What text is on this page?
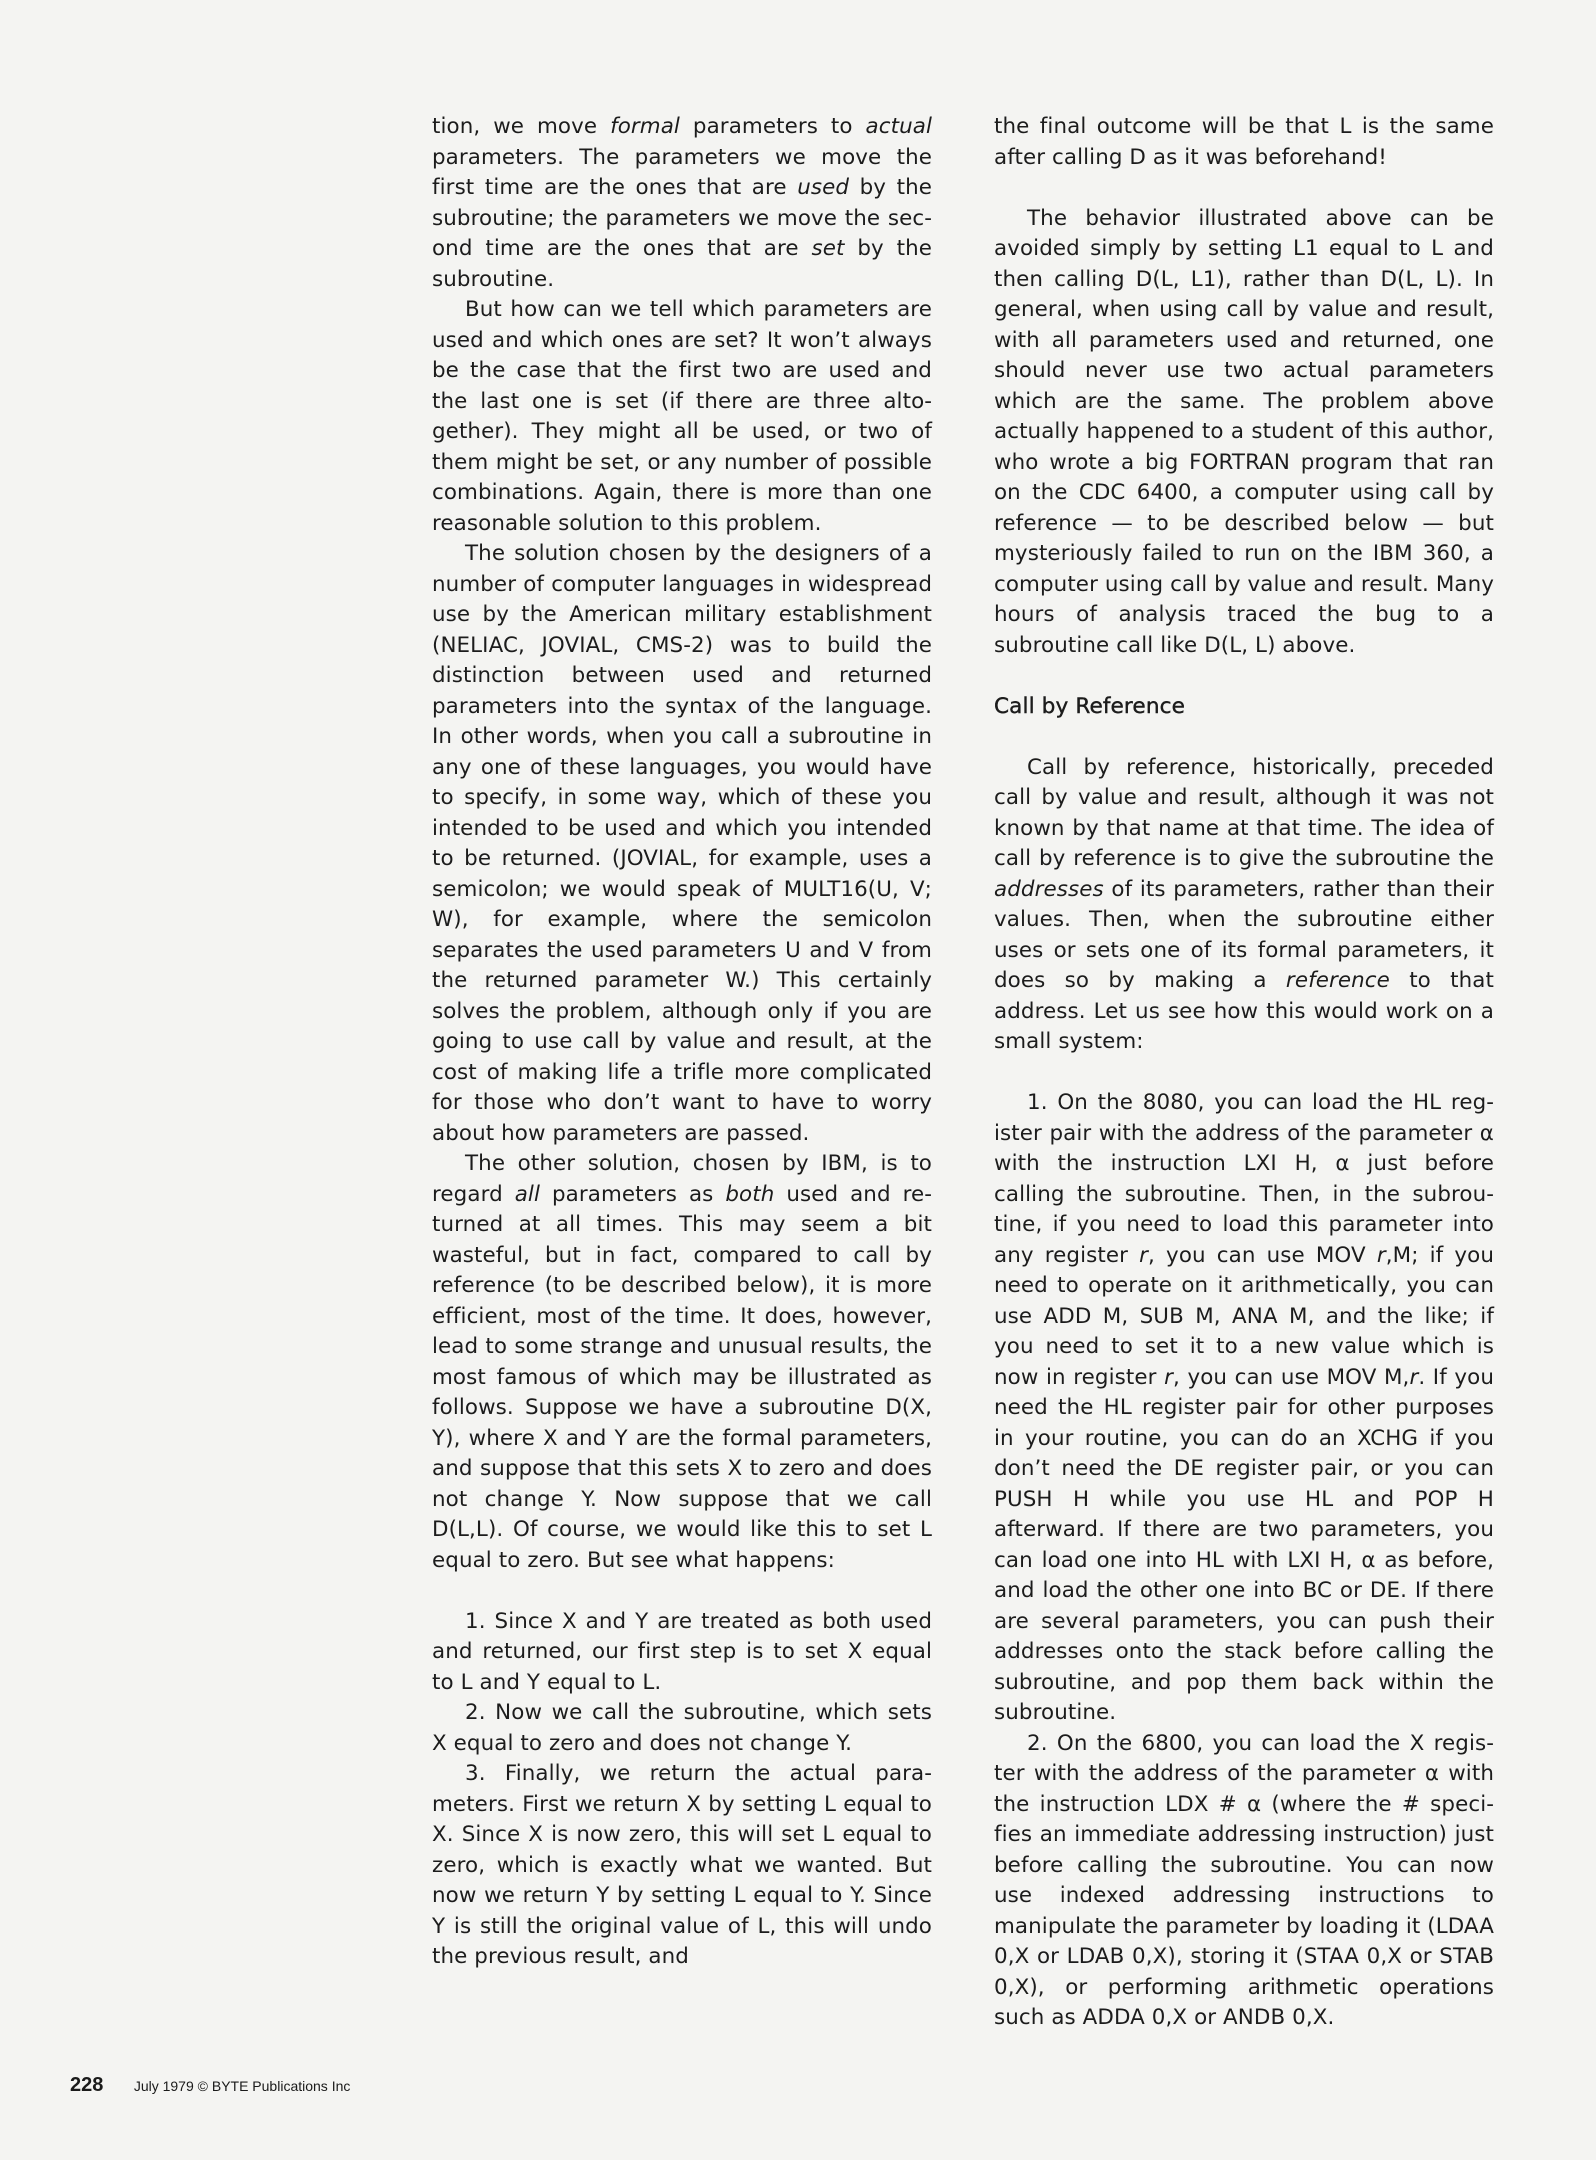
tion, we move formal parameters to actual parameters. The parameters we move the first time are the ones that are used by the subroutine; the parameters we move the second time are the ones that are set by the subroutine.

But how can we tell which parameters are used and which ones are set? It won’t always be the case that the first two are used and the last one is set (if there are three altogether). They might all be used, or two of them might be set, or any number of possible combinations. Again, there is more than one reasonable solution to this problem.

The solution chosen by the designers of a number of computer languages in widespread use by the American military establishment (NELIAC, JOVIAL, CMS-2) was to build the distinction between used and returned parameters into the syntax of the language. In other words, when you call a subroutine in any one of these languages, you would have to specify, in some way, which of these you intended to be used and which you intended to be returned. (JOVIAL, for example, uses a semicolon; we would speak of MULT16(U, V; W), for example, where the semicolon separates the used parameters U and V from the returned parameter W.) This certainly solves the problem, although only if you are going to use call by value and result, at the cost of making life a trifle more complicated for those who don’t want to have to worry about how parameters are passed.

The other solution, chosen by IBM, is to regard all parameters as both used and returned at all times. This may seem a bit wasteful, but in fact, compared to call by reference (to be described below), it is more efficient, most of the time. It does, however, lead to some strange and unusual results, the most famous of which may be illustrated as follows. Suppose we have a subroutine D(X, Y), where X and Y are the formal parameters, and suppose that this sets X to zero and does not change Y. Now suppose that we call D(L,L). Of course, we would like this to set L equal to zero. But see what happens:

1. Since X and Y are treated as both used and returned, our first step is to set X equal to L and Y equal to L.

2. Now we call the subroutine, which sets X equal to zero and does not change Y.

3. Finally, we return the actual parameters. First we return X by setting L equal to X. Since X is now zero, this will set L equal to zero, which is exactly what we wanted. But now we return Y by setting L equal to Y. Since Y is still the original value of L, this will undo the previous result, and

the final outcome will be that L is the same after calling D as it was beforehand!

The behavior illustrated above can be avoided simply by setting L1 equal to L and then calling D(L, L1), rather than D(L, L). In general, when using call by value and result, with all parameters used and returned, one should never use two actual parameters which are the same. The problem above actually happened to a student of this author, who wrote a big FORTRAN program that ran on the CDC 6400, a computer using call by reference — to be described below — but mysteriously failed to run on the IBM 360, a computer using call by value and result. Many hours of analysis traced the bug to a subroutine call like D(L, L) above.

Call by Reference

Call by reference, historically, preceded call by value and result, although it was not known by that name at that time. The idea of call by reference is to give the subroutine the addresses of its parameters, rather than their values. Then, when the subroutine either uses or sets one of its formal parameters, it does so by making a reference to that address. Let us see how this would work on a small system:

1. On the 8080, you can load the HL register pair with the address of the parameter α with the instruction LXI H, α just before calling the subroutine. Then, in the subroutine, if you need to load this parameter into any register r, you can use MOV r,M; if you need to operate on it arithmetically, you can use ADD M, SUB M, ANA M, and the like; if you need to set it to a new value which is now in register r, you can use MOV M,r. If you need the HL register pair for other purposes in your routine, you can do an XCHG if you don’t need the DE register pair, or you can PUSH H while you use HL and POP H afterward. If there are two parameters, you can load one into HL with LXI H, α as before, and load the other one into BC or DE. If there are several parameters, you can push their addresses onto the stack before calling the subroutine, and pop them back within the subroutine.

2. On the 6800, you can load the X register with the address of the parameter α with the instruction LDX # α (where the # specifies an immediate addressing instruction) just before calling the subroutine. You can now use indexed addressing instructions to manipulate the parameter by loading it (LDAA 0,X or LDAB 0,X), storing it (STAA 0,X or STAB 0,X), or performing arithmetic operations such as ADDA 0,X or ANDB 0,X.

228 July 1979 © BYTE Publications Inc
